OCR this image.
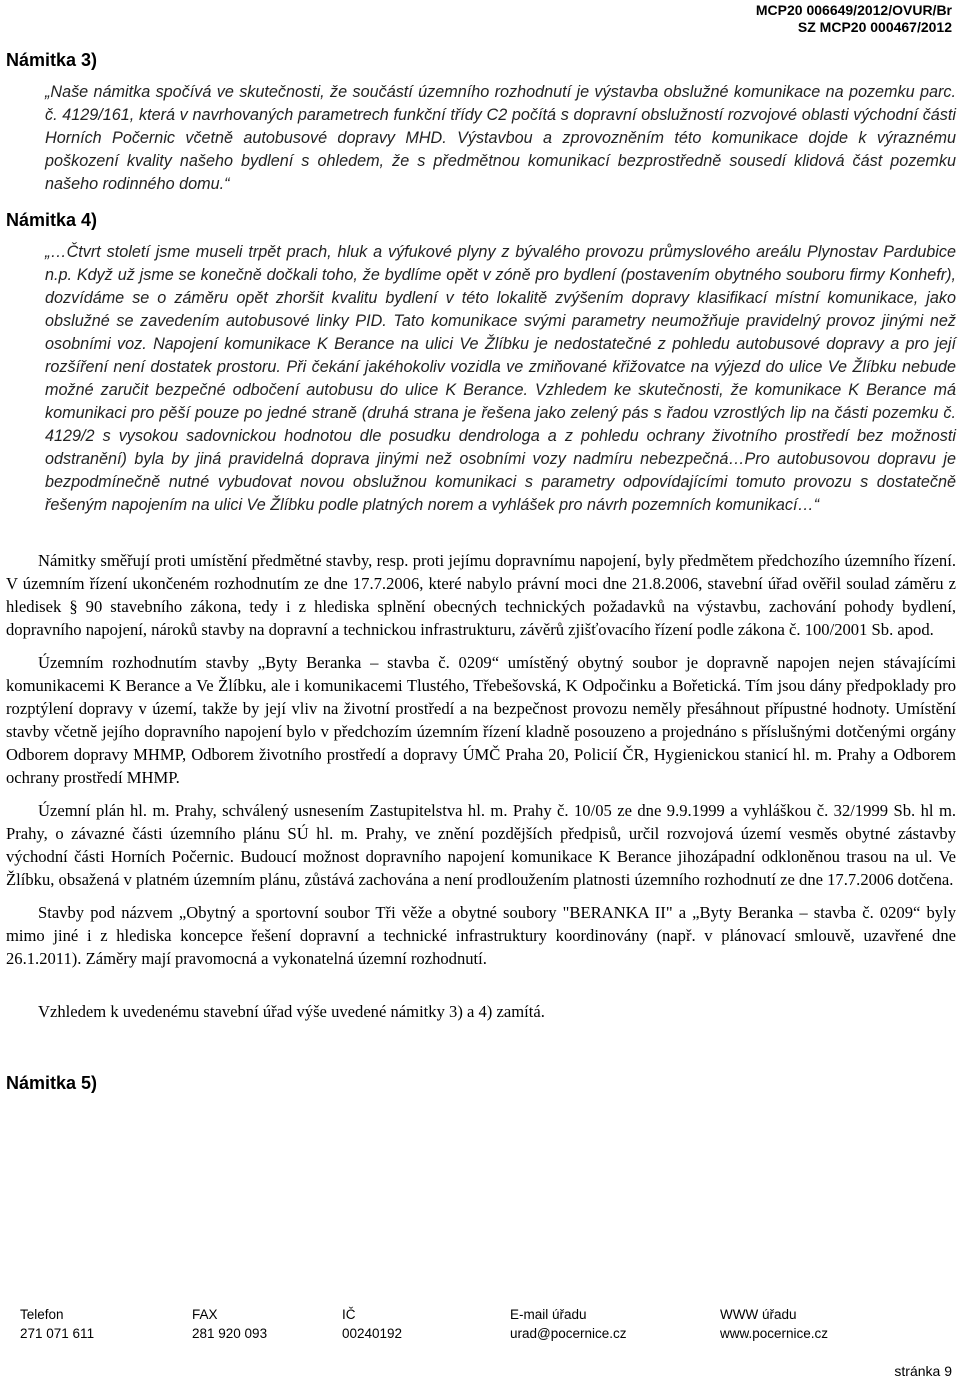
MCP20 006649/2012/OVUR/Br
SZ MCP20 000467/2012
Námitka 3)

„Naše námitka spočívá ve skutečnosti, že součástí územního rozhodnutí je výstavba obslužné komunikace na pozemku parc. č. 4129/161, která v navrhovaných parametrech funkční třídy C2 počítá s dopravní obslužností rozvojové oblasti východní části Horních Počernic včetně autobusové dopravy MHD. Výstavbou a zprovozněním této komunikace dojde k výraznému poškození kvality našeho bydlení s ohledem, že s předmětnou komunikací bezprostředně sousedí klidová část pozemku našeho rodinného domu.“

Námitka 4)

„…Čtvrt století jsme museli trpět prach, hluk a výfukové plyny z bývalého provozu průmyslového areálu Plynostav Pardubice n.p. Když už jsme se konečně dočkali toho, že bydlíme opět v zóně pro bydlení (postavením obytného souboru firmy Konhefr), dozvídáme se o záměru opět zhoršit kvalitu bydlení v této lokalitě zvýšením dopravy klasifikací místní komunikace, jako obslužné se zavedením autobusové linky PID. Tato komunikace svými parametry neumožňuje pravidelný provoz jinými než osobními voz. Napojení komunikace K Berance na ulici Ve Žlíbku je nedostatečné z pohledu autobusové dopravy a pro její rozšíření není dostatek prostoru. Při čekání jakéhokoliv vozidla ve zmiňované křižovatce na výjezd do ulice Ve Žlíbku nebude možné zaručit bezpečné odbočení autobusu do ulice K Berance. Vzhledem ke skutečnosti, že komunikace K Berance má komunikaci pro pěší pouze po jedné straně (druhá strana je řešena jako zelený pás s řadou vzrostlých lip na části pozemku č. 4129/2 s vysokou sadovnickou hodnotou dle posudku dendrologa a z pohledu ochrany životního prostředí bez možnosti odstranění) byla by jiná pravidelná doprava jinými než osobními vozy nadmíru nebezpečná…Pro autobusovou dopravu je bezpodmínečně nutné vybudovat novou obslužnou komunikaci s parametry odpovídajícími tomuto provozu s dostatečně řešeným napojením na ulici Ve Žlíbku podle platných norem a vyhlášek pro návrh pozemních komunikací…“

Námitky směřují proti umístění předmětné stavby, resp. proti jejímu dopravnímu napojení, byly předmětem předchozího územního řízení. V územním řízení ukončeném rozhodnutím ze dne 17.7.2006, které nabylo právní moci dne 21.8.2006, stavební úřad ověřil soulad záměru z hledisek § 90 stavebního zákona, tedy i z hlediska splnění obecných technických požadavků na výstavbu, zachování pohody bydlení, dopravního napojení, nároků stavby na dopravní a technickou infrastrukturu, závěrů zjišťovacího řízení podle zákona č. 100/2001 Sb. apod.

Územním rozhodnutím stavby „Byty Beranka – stavba č. 0209“ umístěný obytný soubor je dopravně napojen nejen stávajícími komunikacemi K Berance a Ve Žlíbku, ale i komunikacemi Tlustého, Třebešovská, K Odpočinku a Bořetická. Tím jsou dány předpoklady pro rozptýlení dopravy v území, takže by její vliv na životní prostředí a na bezpečnost provozu neměly přesáhnout přípustné hodnoty. Umístění stavby včetně jejího dopravního napojení bylo v předchozím územním řízení kladně posouzeno a projednáno s příslušnými dotčenými orgány Odborem dopravy MHMP, Odborem životního prostředí a dopravy ÚMČ Praha 20, Policií ČR, Hygienickou stanicí hl. m. Prahy a Odborem ochrany prostředí MHMP.

Územní plán hl. m. Prahy, schválený usnesením Zastupitelstva hl. m. Prahy č. 10/05 ze dne 9.9.1999 a vyhláškou č. 32/1999 Sb. hl m. Prahy, o závazné části územního plánu SÚ hl. m. Prahy, ve znění pozdějších předpisů, určil rozvojová území vesměs obytné zástavby východní části Horních Počernic. Budoucí možnost dopravního napojení komunikace K Berance jihozápadní odkloněnou trasou na ul. Ve Žlíbku, obsažená v platném územním plánu, zůstává zachována a není prodloužením platnosti územního rozhodnutí ze dne 17.7.2006 dotčena.

Stavby pod názvem „Obytný a sportovní soubor Tři věže a obytné soubory "BERANKA II" a „Byty Beranka – stavba č. 0209“ byly mimo jiné i z hlediska koncepce řešení dopravní a technické infrastruktury koordinovány (např. v plánovací smlouvě, uzavřené dne 26.1.2011). Záměry mají pravomocná a vykonatelná územní rozhodnutí.

Vzhledem k uvedenému stavební úřad výše uvedené námitky 3) a 4) zamítá.

Námitka 5)
Telefon
271 071 611
FAX
281 920 093
IČ
00240192
E-mail úřadu
urad@pocernice.cz
WWW úřadu
www.pocernice.cz
stránka 9
